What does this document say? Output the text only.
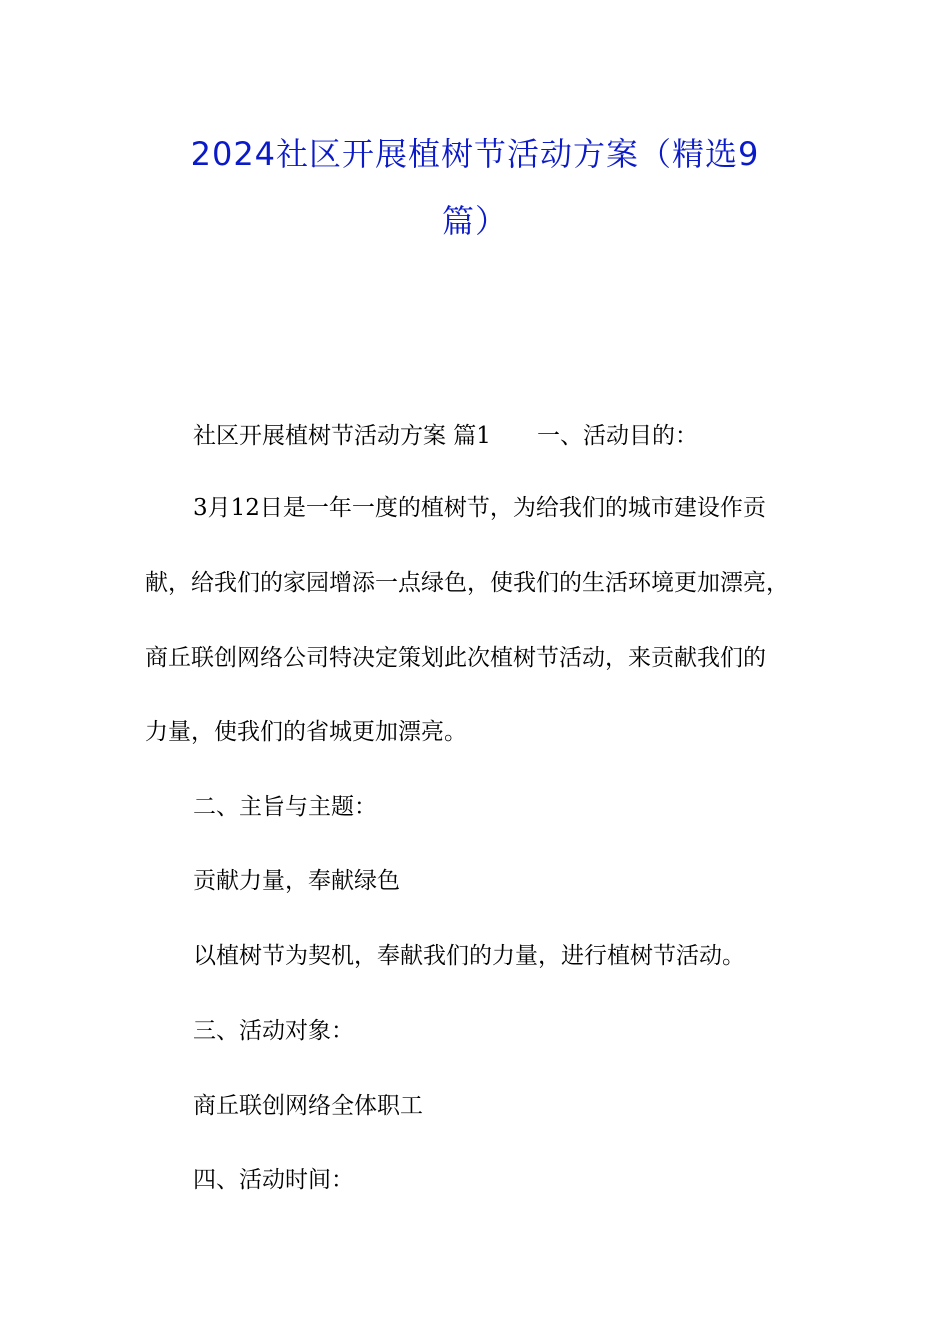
2024社区开展植树节活动方案（精选9
篇）
社区开展植树节活动方案 篇1　　一、活动目的：
3月12日是一年一度的植树节，为给我们的城市建设作贡
献，给我们的家园增添一点绿色，使我们的生活环境更加漂亮，
商丘联创网络公司特决定策划此次植树节活动，来贡献我们的
力量，使我们的省城更加漂亮。
二、主旨与主题：
贡献力量，奉献绿色
以植树节为契机，奉献我们的力量，进行植树节活动。
三、活动对象：
商丘联创网络全体职工
四、活动时间：
